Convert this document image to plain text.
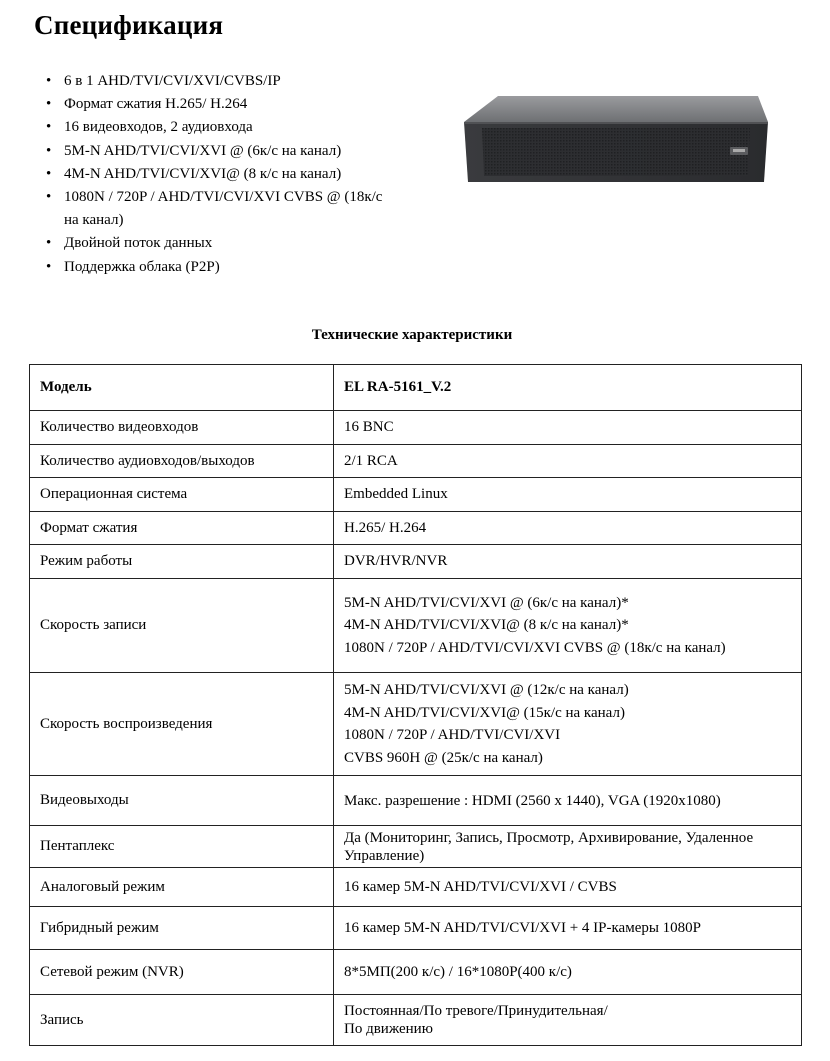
Спецификация
• 6 в 1 AHD/TVI/CVI/XVI/CVBS/IP
• Формат сжатия H.265/ H.264
• 16 видеовходов, 2 аудиовхода
• 5M-N AHD/TVI/CVI/XVI @ (6к/с на канал)
• 4M-N AHD/TVI/CVI/XVI@ (8 к/с на канал)
• 1080N / 720P / AHD/TVI/CVI/XVI CVBS @ (18к/с на канал)
• Двойной поток данных
• Поддержка облака (P2P)
Технические характеристики
Модель	EL RA-5161_V.2
Количество видеовходов	16 BNC
Количество аудиовходов/выходов	2/1 RCA
Операционная система	Embedded Linux
Формат сжатия	H.265/ H.264
Режим работы	DVR/HVR/NVR
Скорость записи	5M-N AHD/TVI/CVI/XVI @ (6к/с на канал)*
4M-N AHD/TVI/CVI/XVI@ (8 к/с на канал)*
1080N / 720P / AHD/TVI/CVI/XVI CVBS @ (18к/с на канал)

Скорость воспроизведения	5M-N AHD/TVI/CVI/XVI @ (12к/с на канал)
4M-N AHD/TVI/CVI/XVI@ (15к/с на канал)
1080N / 720P / AHD/TVI/CVI/XVI
CVBS 960H @ (25к/с на канал)

Видеовыходы	Макс. разрешение : HDMI (2560 x 1440), VGA (1920x1080)
Пентаплекс	Да (Мониторинг, Запись, Просмотр, Архивирование, Удаленное Управление)
Аналоговый режим	16 камер 5M-N AHD/TVI/CVI/XVI / CVBS
Гибридный режим	16 камер 5M-N AHD/TVI/CVI/XVI + 4 IP-камеры 1080P
Сетевой режим (NVR)	8*5МП(200 к/с) / 16*1080P(400 к/с)
Запись	Постоянная/По тревоге/Принудительная/
По движению
